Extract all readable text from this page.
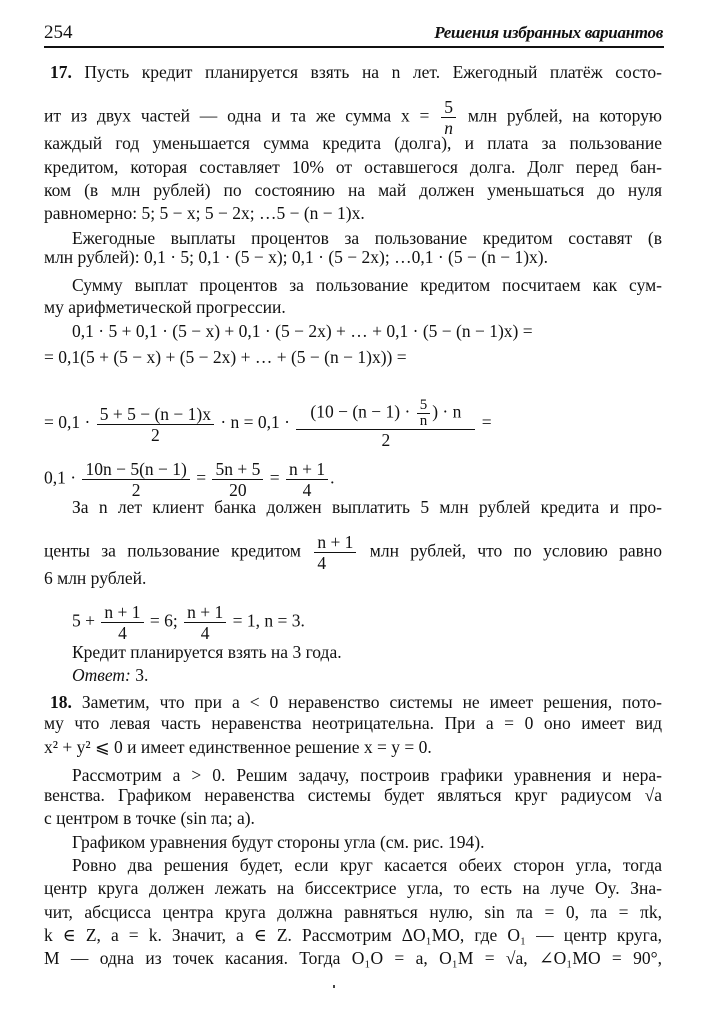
254	Решения избранных вариантов
17. Пусть кредит планируется взять на n лет. Ежегодный платёж состо-
ит из двух частей — одна и та же сумма $x = \frac{5}{n}$ млн рублей, на которую
каждый год уменьшается сумма кредита (долга), и плата за пользование
кредитом, которая составляет 10% от оставшегося долга. Долг перед бан-
ком (в млн рублей) по состоянию на май должен уменьшаться до нуля
равномерно: 5; 5 − x; 5 − 2x; …5 − (n − 1)x.
Ежегодные выплаты процентов за пользование кредитом составят (в
млн рублей): 0,1 · 5; 0,1 · (5 − x); 0,1 · (5 − 2x); …0,1 · (5 − (n − 1)x).
Сумму выплат процентов за пользование кредитом посчитаем как сум-
му арифметической прогрессии.
0,1 · 5 + 0,1 · (5 − x) + 0,1 · (5 − 2x) + … + 0,1 · (5 − (n − 1)x) =
= 0,1(5 + (5 − x) + (5 − 2x) + … + (5 − (n − 1)x)) =
= $0,1 \cdot \frac{5 + 5 - (n - 1)x}{2} \cdot n = 0,1 \cdot \frac{(10 - (n - 1) \cdot \frac{5}{n} ) \cdot n}{2}$ =
$0,1 \cdot \frac{10n - 5(n - 1)}{2} = \frac{5n + 5}{20} = \frac{n + 1}{4}$ .
За n лет клиент банка должен выплатить 5 млн рублей кредита и про-
центы за пользование кредитом $\frac{n + 1}{4}$ млн рублей, что по условию равно
6 млн рублей.
$5 + \frac{n + 1}{4} = 6$; $\frac{n + 1}{4} = 1$, n = 3.
Кредит планируется взять на 3 года.
Ответ: 3.
18. Заметим, что при a < 0 неравенство системы не имеет решения, пото-
му что левая часть неравенства неотрицательна. При a = 0 оно имеет вид
x² + y² ⩽ 0 и имеет единственное решение x = y = 0.
Рассмотрим a > 0. Решим задачу, построив графики уравнения и нера-
венства. Графиком неравенства системы будет являться круг радиусом √a
с центром в точке (sin πa; a).
Графиком уравнения будут стороны угла (см. рис. 194).
Ровно два решения будет, если круг касается обеих сторон угла, тогда
центр круга должен лежать на биссектрисе угла, то есть на луче Oy. Зна-
чит, абсцисса центра круга должна равняться нулю, sin πa = 0, πa = πk,
k ∈ Z, a = k. Значит, a ∈ Z. Рассмотрим ΔO₁MO, где O₁ — центр круга,
M — одна из точек касания. Тогда O₁O = a, O₁M = √a, ∠O₁MO = 90°,
